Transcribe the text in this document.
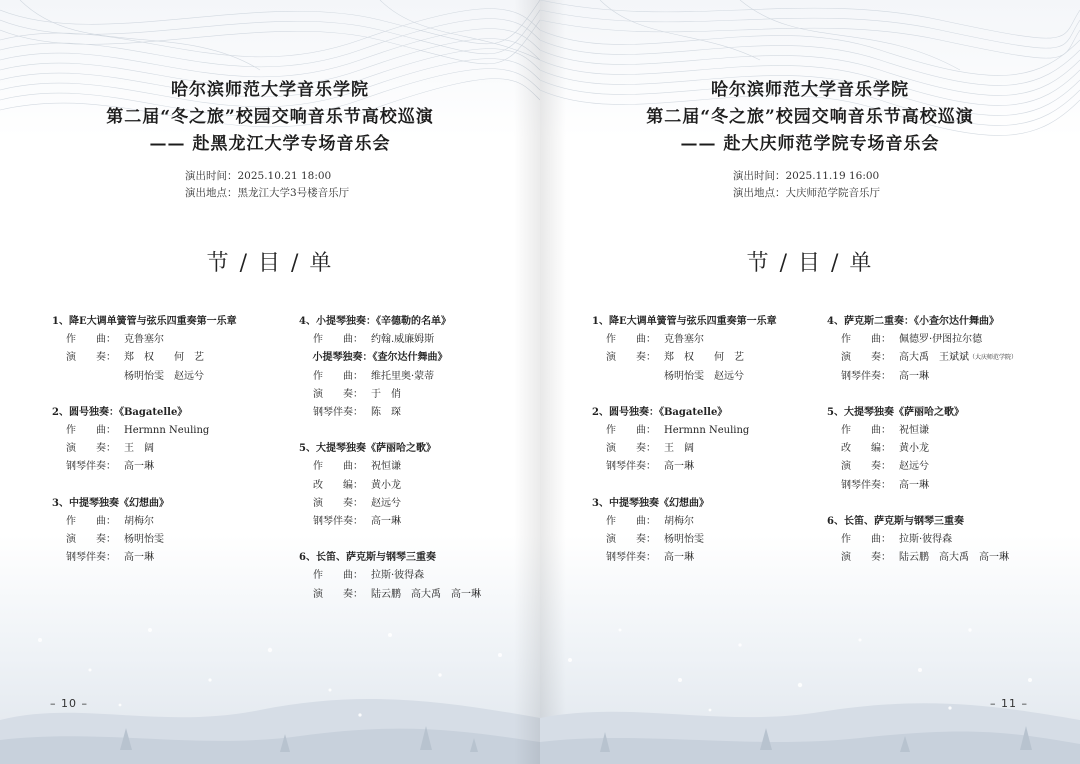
哈尔滨师范大学音乐学院
第二届“冬之旅”校园交响音乐节高校巡演
—— 赴黑龙江大学专场音乐会
演出时间：2025.10.21 18:00
演出地点：黑龙江大学3号楼音乐厅
节 / 目 / 单
1、降E大调单簧管与弦乐四重奏第一乐章
作　　曲： 克鲁塞尔
演　　奏： 郑　权　　何　艺
杨明怡雯　赵远兮
2、圆号独奏：《Bagatelle》
作　　曲： Hermnn Neuling
演　　奏： 王　阔
钢琴伴奏： 高一琳
3、中提琴独奏《幻想曲》
作　　曲： 胡梅尔
演　　奏： 杨明怡雯
钢琴伴奏： 高一琳
4、小提琴独奏：《辛德勒的名单》
作　　曲： 约翰.威廉姆斯
　 小提琴独奏：《查尔达什舞曲》
作　　曲： 维托里奥·蒙蒂
演　　奏： 于　俏
钢琴伴奏： 陈　琛
5、大提琴独奏《萨丽哈之歌》
作　　曲： 祝恒谦
改　　编： 黄小龙
演　　奏： 赵远兮
钢琴伴奏： 高一琳
6、长笛、萨克斯与钢琴三重奏
作　　曲： 拉斯·彼得森
演　　奏： 陆云鹏　高大禹　高一琳
– 10 –
哈尔滨师范大学音乐学院
第二届“冬之旅”校园交响音乐节高校巡演
—— 赴大庆师范学院专场音乐会
演出时间：2025.11.19 16:00
演出地点：大庆师范学院音乐厅
节 / 目 / 单
1、降E大调单簧管与弦乐四重奏第一乐章
作　　曲： 克鲁塞尔
演　　奏： 郑　权　　何　艺
杨明怡雯　赵远兮
2、圆号独奏：《Bagatelle》
作　　曲： Hermnn Neuling
演　　奏： 王　阔
钢琴伴奏： 高一琳
3、中提琴独奏《幻想曲》
作　　曲： 胡梅尔
演　　奏： 杨明怡雯
钢琴伴奏： 高一琳
4、萨克斯二重奏：《小查尔达什舞曲》
作　　曲： 佩德罗·伊图拉尔德
演　　奏： 高大禹　王斌斌 （大庆师范学院）
钢琴伴奏： 高一琳
5、大提琴独奏《萨丽哈之歌》
作　　曲： 祝恒谦
改　　编： 黄小龙
演　　奏： 赵远兮
钢琴伴奏： 高一琳
6、长笛、萨克斯与钢琴三重奏
作　　曲： 拉斯·彼得森
演　　奏： 陆云鹏　高大禹　高一琳
– 11 –
